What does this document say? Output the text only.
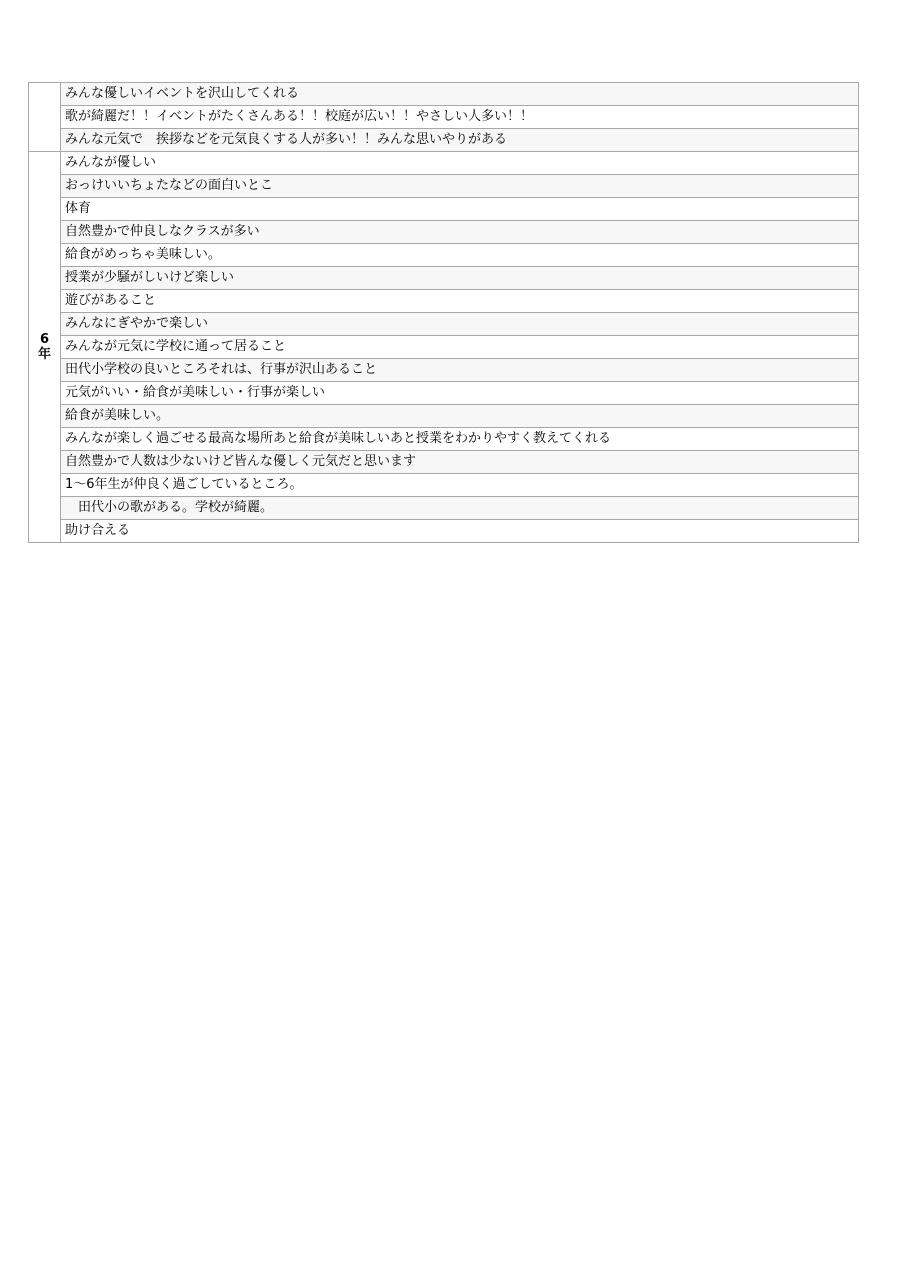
	みんな優しいイベントを沢山してくれる
	歌が綺麗だ！！イベントがたくさんある！！校庭が広い！！やさしい人多い！！
	みんな元気で　挨拶などを元気良くする人が多い！！みんな思いやりがある
6年	みんなが優しい
	おっけいいちょたなどの面白いとこ
	体育
	自然豊かで仲良しなクラスが多い
	給食がめっちゃ美味しい。
	授業が少騒がしいけど楽しい
	遊びがあること
	みんなにぎやかで楽しい
	みんなが元気に学校に通って居ること
	田代小学校の良いところそれは、行事が沢山あること
	元気がいい・給食が美味しい・行事が楽しい
	給食が美味しい。
	みんなが楽しく過ごせる最高な場所あと給食が美味しいあと授業をわかりやすく教えてくれる
	自然豊かで人数は少ないけど皆んな優しく元気だと思います
	1〜6年生が仲良く過ごしているところ。
	　田代小の歌がある。学校が綺麗。
	助け合える
